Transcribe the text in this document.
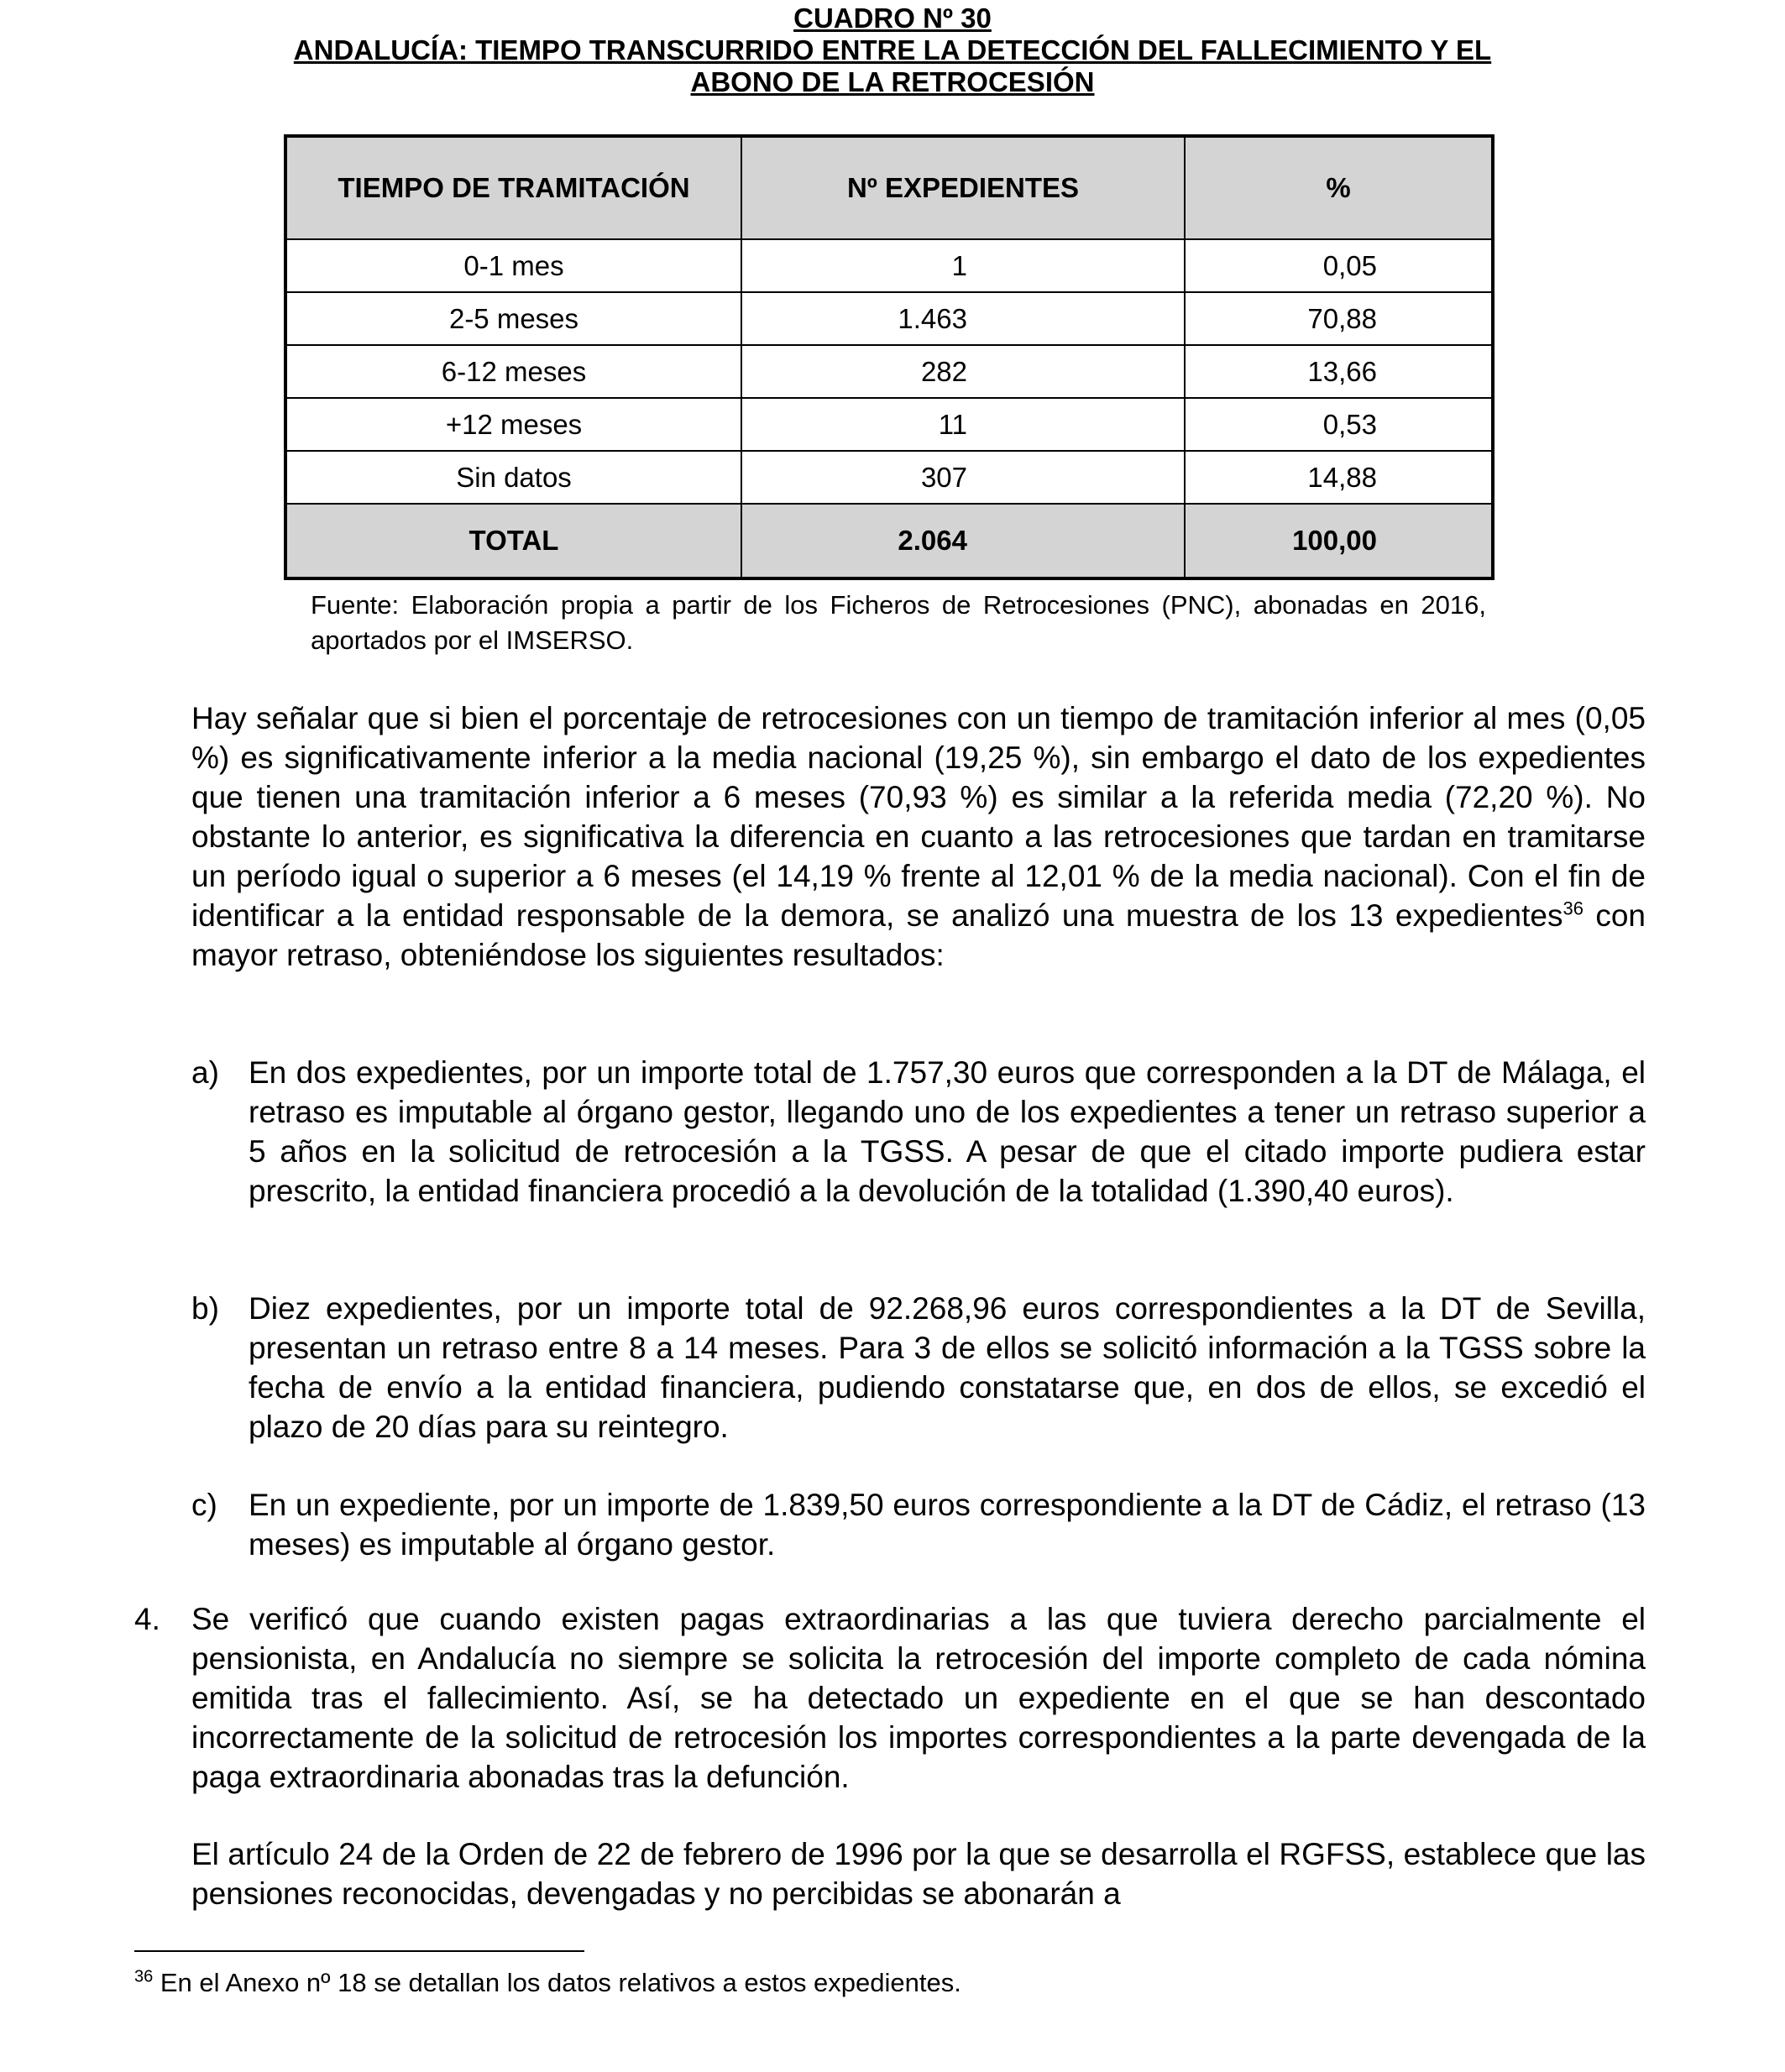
CUADRO Nº 30
ANDALUCÍA: TIEMPO TRANSCURRIDO ENTRE LA DETECCIÓN DEL FALLECIMIENTO Y EL
ABONO DE LA RETROCESIÓN
TIEMPO DE TRAMITACIÓN	Nº EXPEDIENTES	%
0-1 mes	1	0,05
2-5 meses	1.463	70,88
6-12 meses	282	13,66
+12 meses	11	0,53
Sin datos	307	14,88
TOTAL	2.064	100,00
Fuente: Elaboración propia a partir de los Ficheros de Retrocesiones (PNC), abonadas en 2016, aportados por el IMSERSO.

Hay señalar que si bien el porcentaje de retrocesiones con un tiempo de tramitación inferior al mes (0,05 %) es significativamente inferior a la media nacional (19,25 %), sin embargo el dato de los expedientes que tienen una tramitación inferior a 6 meses (70,93 %) es similar a la referida media (72,20 %). No obstante lo anterior, es significativa la diferencia en cuanto a las retrocesiones que tardan en tramitarse un período igual o superior a 6 meses (el 14,19 % frente al 12,01 % de la media nacional). Con el fin de identificar a la entidad responsable de la demora, se analizó una muestra de los 13 expedientes$^{36}$ con mayor retraso, obteniéndose los siguientes resultados:

a) En dos expedientes, por un importe total de 1.757,30 euros que corresponden a la DT de Málaga, el retraso es imputable al órgano gestor, llegando uno de los expedientes a tener un retraso superior a 5 años en la solicitud de retrocesión a la TGSS. A pesar de que el citado importe pudiera estar prescrito, la entidad financiera procedió a la devolución de la totalidad (1.390,40 euros).
b) Diez expedientes, por un importe total de 92.268,96 euros correspondientes a la DT de Sevilla, presentan un retraso entre 8 a 14 meses. Para 3 de ellos se solicitó información a la TGSS sobre la fecha de envío a la entidad financiera, pudiendo constatarse que, en dos de ellos, se excedió el plazo de 20 días para su reintegro.
c) En un expediente, por un importe de 1.839,50 euros correspondiente a la DT de Cádiz, el retraso (13 meses) es imputable al órgano gestor.
4. Se verificó que cuando existen pagas extraordinarias a las que tuviera derecho parcialmente el pensionista, en Andalucía no siempre se solicita la retrocesión del importe completo de cada nómina emitida tras el fallecimiento. Así, se ha detectado un expediente en el que se han descontado incorrectamente de la solicitud de retrocesión los importes correspondientes a la parte devengada de la paga extraordinaria abonadas tras la defunción.

El artículo 24 de la Orden de 22 de febrero de 1996 por la que se desarrolla el RGFSS, establece que las pensiones reconocidas, devengadas y no percibidas se abonarán a

$^{36}$ En el Anexo nº 18 se detallan los datos relativos a estos expedientes.
